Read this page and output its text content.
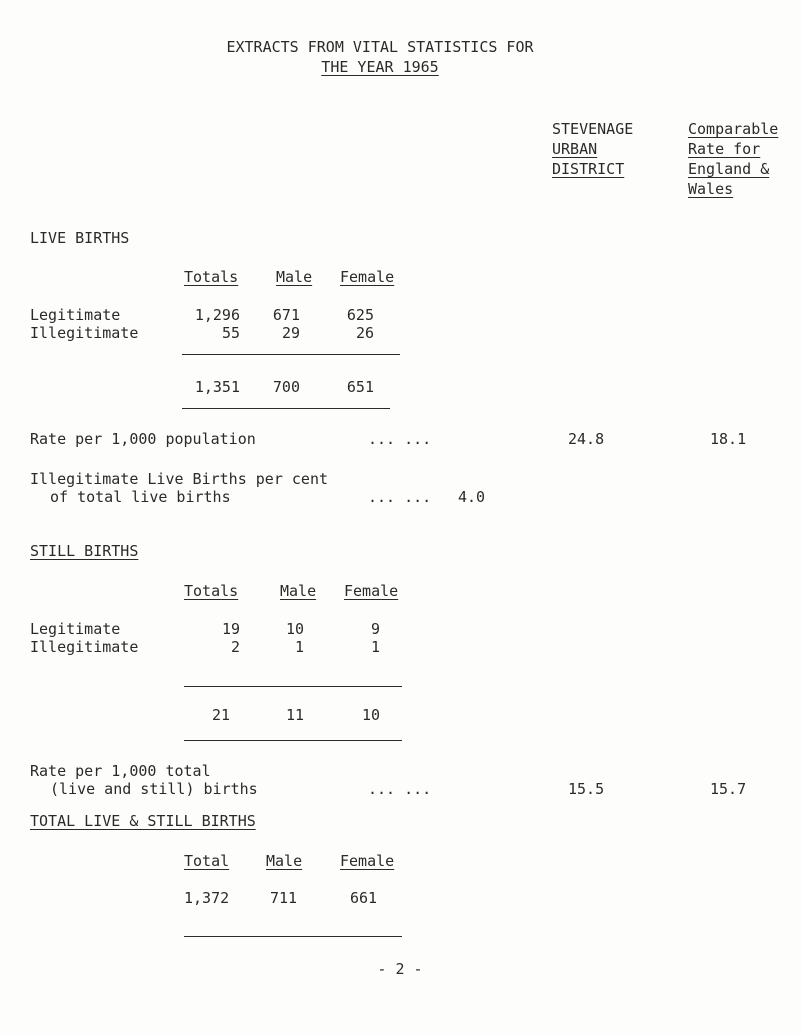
EXTRACTS FROM VITAL STATISTICS FOR
THE YEAR 1965
STEVENAGE
URBAN
DISTRICT
Comparable
Rate for
England &
Wales
LIVE BIRTHS
Totals	Male Female
Legitimate	1,296	671	625
Illegitimate	55	29	26
1,351	700	651
Rate per 1,000 population	... ...	24.8	18.1
Illegitimate Live Births per cent
of total live births	... ... 4.0
STILL BIRTHS
Totals	Male Female
Legitimate	19	10	9
Illegitimate	2	1	1
21	11	10
Rate per 1,000 total
(live and still) births	... ...	15.5	15.7
TOTAL LIVE & STILL BIRTHS
Total Male	Female
1,372	711	661
- 2 -
